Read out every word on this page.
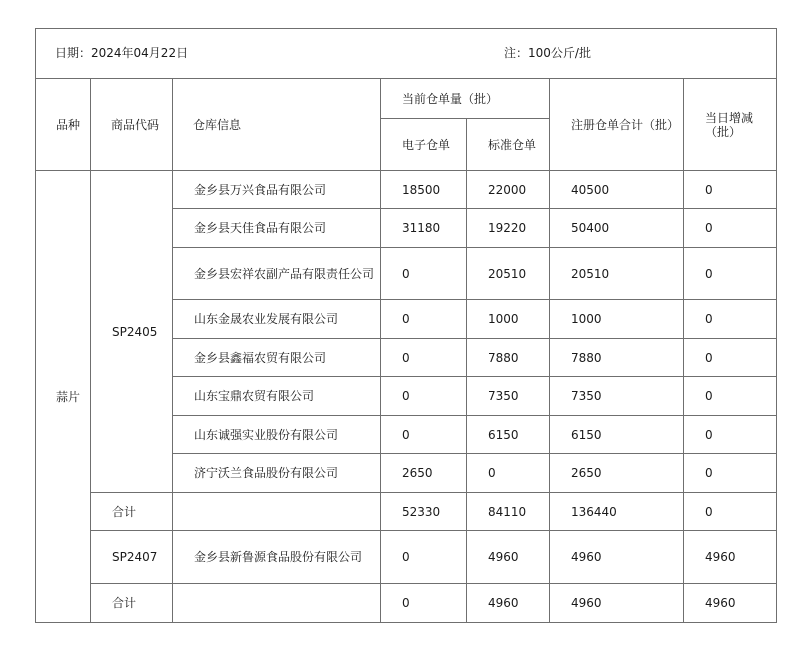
日期：2024年04月22日 注：100公斤/批						

品种	商品代码	仓库信息	当前仓单量（批）		注册仓单合计（批）	当日增减（批）
			电子仓单	标准仓单		
蒜片	SP2405	金乡县万兴食品有限公司	18500	22000	40500	0
		金乡县天佳食品有限公司	31180	19220	50400	0
		金乡县宏祥农副产品有限责任公司	0	20510	20510	0
		山东金晟农业发展有限公司	0	1000	1000	0
		金乡县鑫福农贸有限公司	0	7880	7880	0
		山东宝鼎农贸有限公司	0	7350	7350	0
		山东诚强实业股份有限公司	0	6150	6150	0
		济宁沃兰食品股份有限公司	2650	0	2650	0
	合计		52330	84110	136440	0
	SP2407	金乡县新鲁源食品股份有限公司	0	4960	4960	4960
	合计		0	4960	4960	4960
